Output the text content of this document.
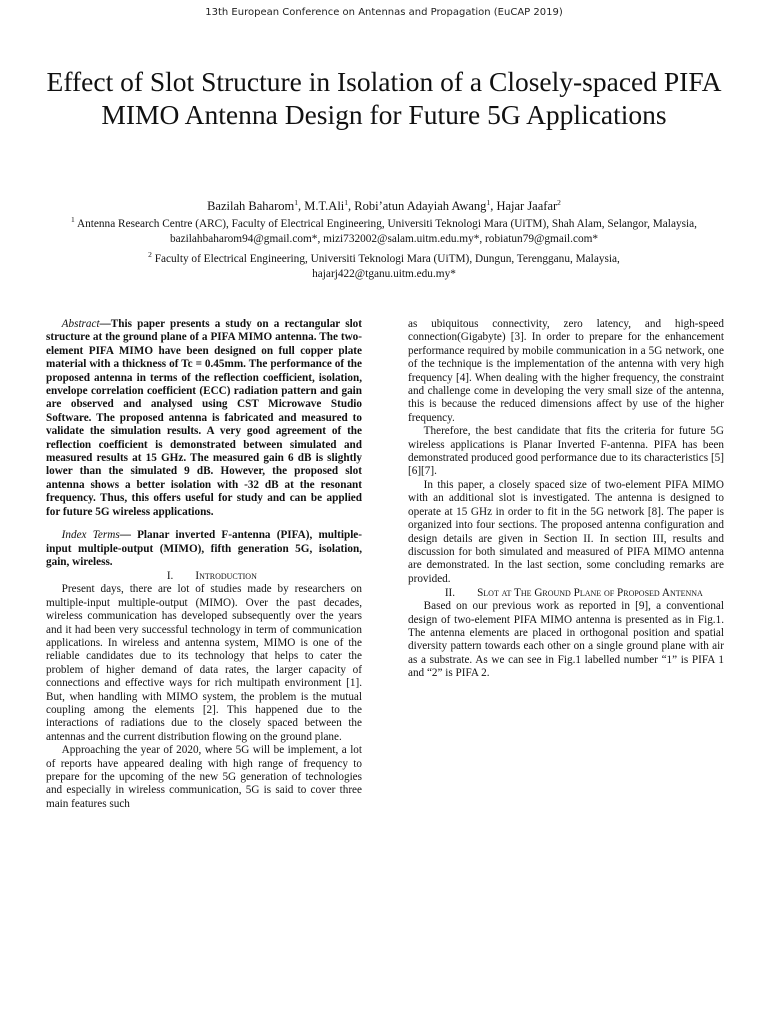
13th European Conference on Antennas and Propagation (EuCAP 2019)
Effect of Slot Structure in Isolation of a Closely-spaced PIFA MIMO Antenna Design for Future 5G Applications
Bazilah Baharom$^1$, M.T.Ali$^1$, Robi’atun Adayiah Awang$^1$, Hajar Jaafar$^2$
$^1$ Antenna Research Centre (ARC), Faculty of Electrical Engineering, Universiti Teknologi Mara (UiTM), Shah Alam, Selangor, Malaysia,
bazilahbaharom94@gmail.com*, mizi732002@salam.uitm.edu.my*, robiatun79@gmail.com*
$^2$ Faculty of Electrical Engineering, Universiti Teknologi Mara (UiTM), Dungun, Terengganu, Malaysia,
hajarj422@tganu.uitm.edu.my*

Abstract—This paper presents a study on a rectangular slot structure at the ground plane of a PIFA MIMO antenna. The two-element PIFA MIMO have been designed on full copper plate material with a thickness of Tc = 0.45mm. The performance of the proposed antenna in terms of the reflection coefficient, isolation, envelope correlation coefficient (ECC) radiation pattern and gain are observed and analysed using CST Microwave Studio Software. The proposed antenna is fabricated and measured to validate the simulation results. A very good agreement of the reflection coefficient is demonstrated between simulated and measured results at 15 GHz. The measured gain 6 dB is slightly lower than the simulated 9 dB. However, the proposed slot antenna shows a better isolation with -32 dB at the resonant frequency. Thus, this offers useful for study and can be applied for future 5G wireless applications.

Index Terms— Planar inverted F-antenna (PIFA), multiple-input multiple-output (MIMO), fifth generation 5G, isolation, gain, wireless.

I. Introduction

Present days, there are lot of studies made by researchers on multiple-input multiple-output (MIMO). Over the past decades, wireless communication has developed subsequently over the years and it had been very successful technology in term of communication applications. In wireless and antenna system, MIMO is one of the reliable candidates due to its technology that helps to cater the problem of higher demand of data rates, the larger capacity of connections and effective ways for rich multipath environment [1]. But, when handling with MIMO system, the problem is the mutual coupling among the elements [2]. This happened due to the interactions of radiations due to the closely spaced between the antennas and the current distribution flowing on the ground plane.

Approaching the year of 2020, where 5G will be implement, a lot of reports have appeared dealing with high range of frequency to prepare for the upcoming of the new 5G generation of technologies and especially in wireless communication, 5G is said to cover three main features such

as ubiquitous connectivity, zero latency, and high-speed connection(Gigabyte) [3]. In order to prepare for the enhancement performance required by mobile communication in a 5G network, one of the technique is the implementation of the antenna with very high frequency [4]. When dealing with the higher frequency, the constraint and challenge come in developing the very small size of the antenna, this is because the reduced dimensions affect by use of the higher frequency.

Therefore, the best candidate that fits the criteria for future 5G wireless applications is Planar Inverted F-antenna. PIFA has been demonstrated produced good performance due to its characteristics [5][6][7].

In this paper, a closely spaced size of two-element PIFA MIMO with an additional slot is investigated. The antenna is designed to operate at 15 GHz in order to fit in the 5G network [8]. The paper is organized into four sections. The proposed antenna configuration and design details are given in Section II. In section III, results and discussion for both simulated and measured of PIFA MIMO antenna are demonstrated. In the last section, some concluding remarks are provided.

II. Slot at The Ground Plane of Proposed Antenna

Based on our previous work as reported in [9], a conventional design of two-element PIFA MIMO antenna is presented as in Fig.1. The antenna elements are placed in orthogonal position and spatial diversity pattern towards each other on a single ground plane with air as a substrate. As we can see in Fig.1 labelled number “1” is PIFA 1 and “2” is PIFA 2.
